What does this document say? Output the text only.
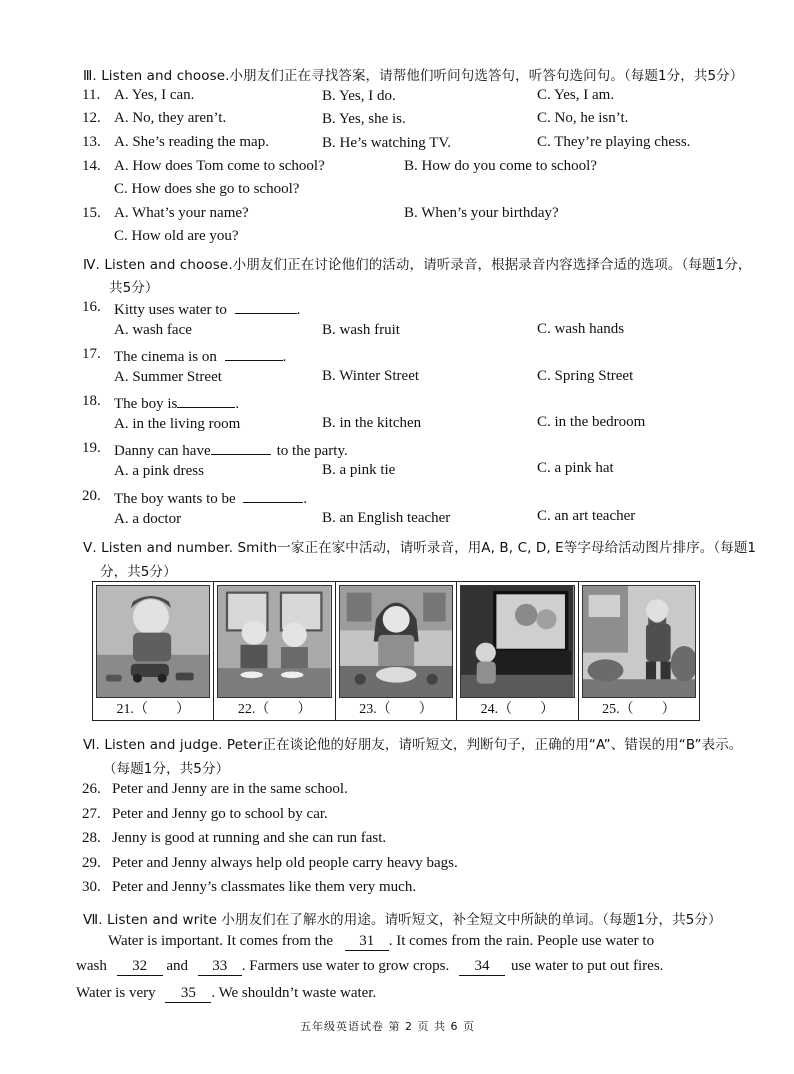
Ⅲ. Listen and choose.小朋友们正在寻找答案，请帮他们听问句选答句，听答句选问句。（每题1分，共5分）
11. A. Yes, I can.	B. Yes, I do.	C. Yes, I am.
12. A. No, they aren’t.	B. Yes, she is.	C. No, he isn’t.
13. A. She’s reading the map.	B. He’s watching TV.	C. They’re playing chess.
14. A. How does Tom come to school?	B. How do you come to school?
C. How does she go to school?
15. A. What’s your name?	B. When’s your birthday?
C. How old are you?
Ⅳ. Listen and choose.小朋友们正在讨论他们的活动，请听录音，根据录音内容选择合适的选项。（每题1分，
共5分）
16. Kitty uses water to	.
A. wash face	B. wash fruit	C. wash hands
17. The cinema is on	.
A. Summer Street	B. Winter Street	C. Spring Street
18. The boy is	.
A. in the living room	B. in the kitchen	C. in the bedroom
19. Danny can have	to the party.
A. a pink dress	B. a pink tie	C. a pink hat
20. The boy wants to be	.
A. a doctor	B. an English teacher	C. an art teacher
Ⅴ. Listen and number. Smith一家正在家中活动，请听录音，用A, B, C, D, E等字母给活动图片排序。（每题1
分，共5分）
21.（　　）	22.（　　）	23.（　　）	24.（　　）	25.（　　）
Ⅵ. Listen and judge. Peter正在谈论他的好朋友，请听短文，判断句子，正确的用“A”、错误的用“B”表示。
（每题1分，共5分）
26. Peter and Jenny are in the same school.
27. Peter and Jenny go to school by car.
28. Jenny is good at running and she can run fast.
29. Peter and Jenny always help old people carry heavy bags.
30. Peter and Jenny’s classmates like them very much.
Ⅶ. Listen and write 小朋友们在了解水的用途。请听短文，补全短文中所缺的单词。（每题1分，共5分）
Water is important. It comes from the 31 . It comes from the rain. People use water to
wash 32 and 33 . Farmers use water to grow crops. 34 use water to put out fires.
Water is very 35 . We shouldn’t waste water.
五年级英语试卷 第 2 页 共 6 页
